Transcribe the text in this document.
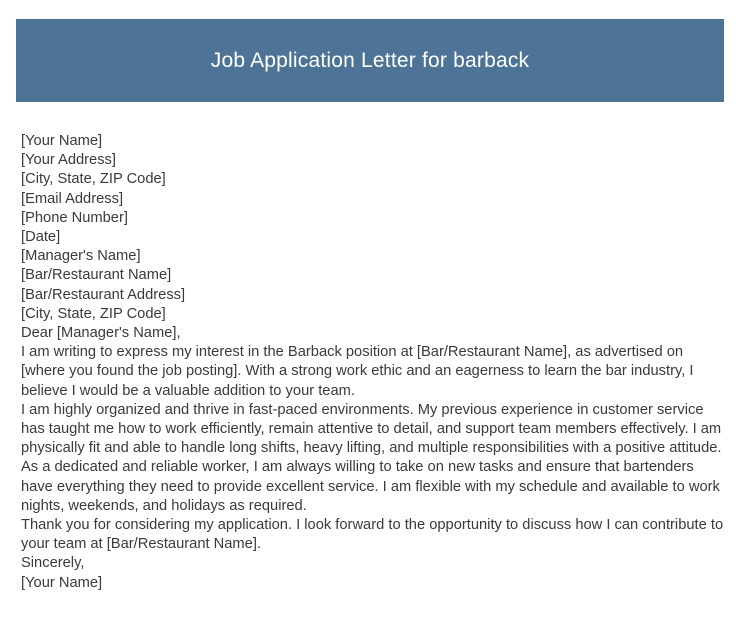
Job Application Letter for barback
[Your Name]
[Your Address]
[City, State, ZIP Code]
[Email Address]
[Phone Number]
[Date]
[Manager's Name]
[Bar/Restaurant Name]
[Bar/Restaurant Address]
[City, State, ZIP Code]
Dear [Manager's Name],
I am writing to express my interest in the Barback position at [Bar/Restaurant Name], as advertised on [where you found the job posting]. With a strong work ethic and an eagerness to learn the bar industry, I believe I would be a valuable addition to your team.
I am highly organized and thrive in fast-paced environments. My previous experience in customer service has taught me how to work efficiently, remain attentive to detail, and support team members effectively. I am physically fit and able to handle long shifts, heavy lifting, and multiple responsibilities with a positive attitude.
As a dedicated and reliable worker, I am always willing to take on new tasks and ensure that bartenders have everything they need to provide excellent service. I am flexible with my schedule and available to work nights, weekends, and holidays as required.
Thank you for considering my application. I look forward to the opportunity to discuss how I can contribute to your team at [Bar/Restaurant Name].
Sincerely,
[Your Name]
